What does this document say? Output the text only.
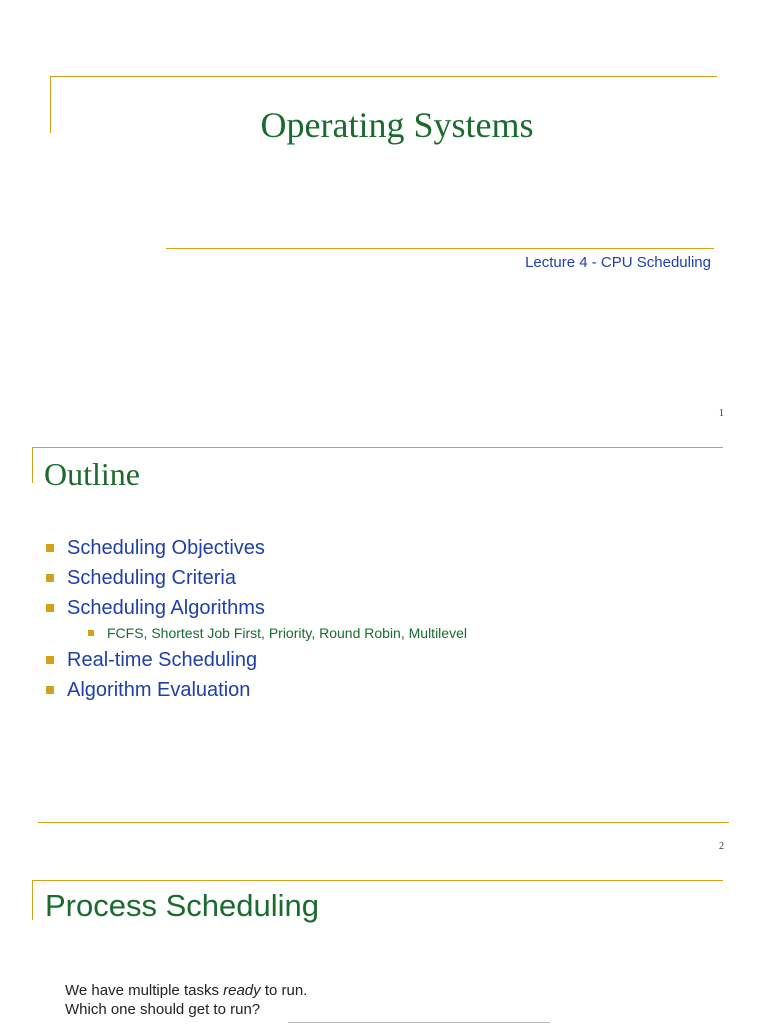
Operating Systems
Lecture 4 - CPU Scheduling
1
Outline
Scheduling Objectives
Scheduling Criteria
Scheduling Algorithms
FCFS, Shortest Job First, Priority, Round Robin, Multilevel
Real-time Scheduling
Algorithm Evaluation
2
Process Scheduling
We have multiple tasks ready to run.
Which one should get to run?
